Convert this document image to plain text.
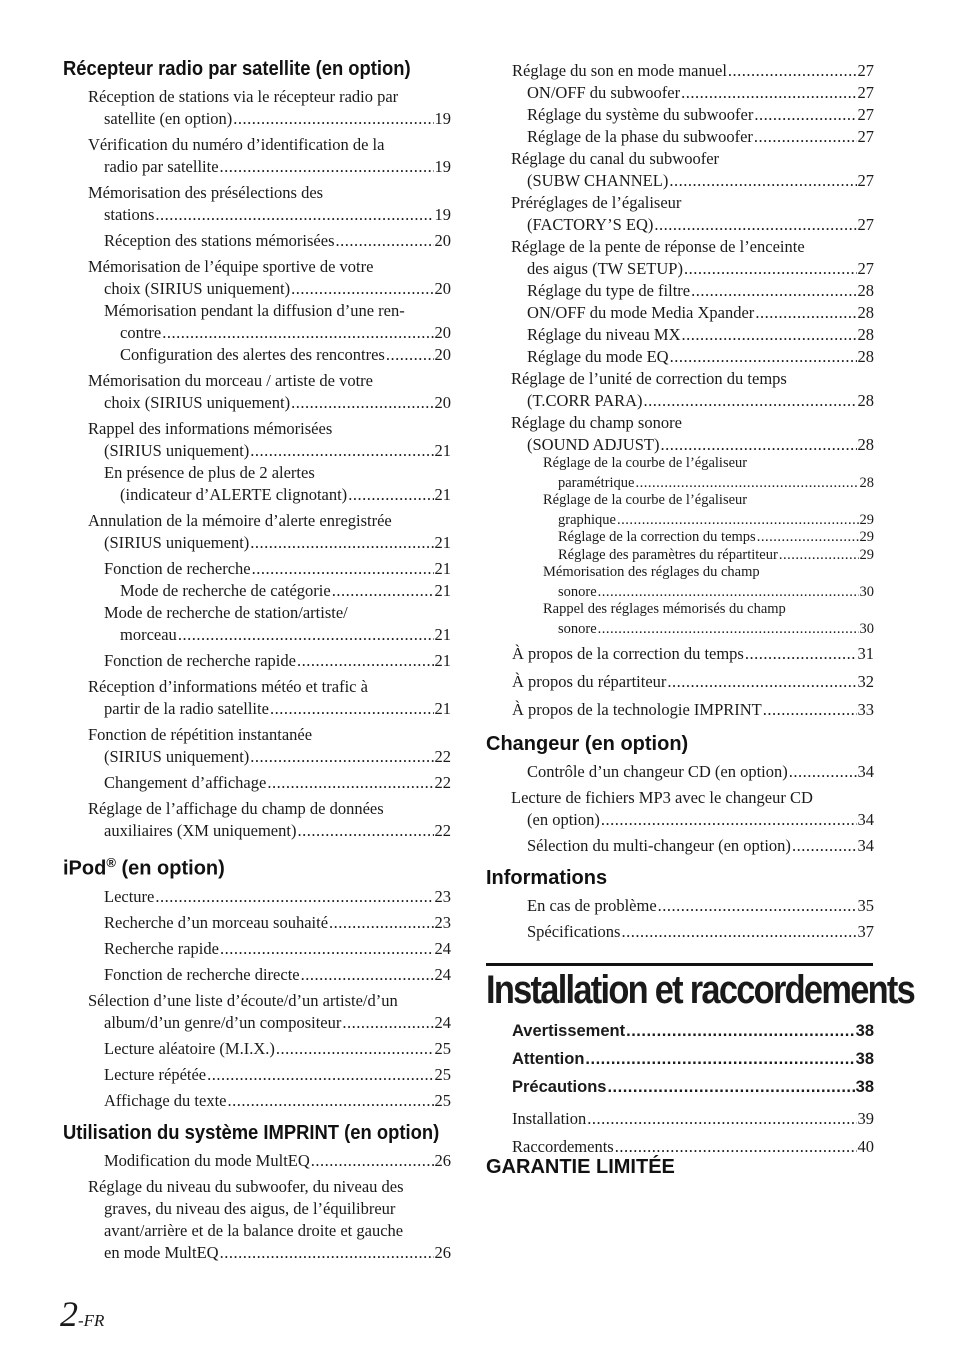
Récepteur radio par satellite (en option)
Réception de stations via le récepteur radio par
satellite (en option) .....	19
Vérification du numéro d’identification de la
radio par satellite .....	19
Mémorisation des présélections des
stations .....	19
Réception des stations mémorisées .....	20
Mémorisation de l’équipe sportive de votre
choix (SIRIUS uniquement) .....	20
Mémorisation pendant la diffusion d’une ren-
contre .....	20
Configuration des alertes des rencontres .....	20
Mémorisation du morceau / artiste de votre
choix (SIRIUS uniquement) .....	20
Rappel des informations mémorisées
(SIRIUS uniquement) .....	21
En présence de plus de 2 alertes
(indicateur d’ALERTE clignotant) .....	21
Annulation de la mémoire d’alerte enregistrée
(SIRIUS uniquement) .....	21
Fonction de recherche .....	21
Mode de recherche de catégorie .....	21
Mode de recherche de station/artiste/
morceau .....	21
Fonction de recherche rapide .....	21
Réception d’informations météo et trafic à
partir de la radio satellite .....	21
Fonction de répétition instantanée
(SIRIUS uniquement) .....	22
Changement d’affichage .....	22
Réglage de l’affichage du champ de données
auxiliaires (XM uniquement) .....	22
iPod® (en option)
Lecture .....	23
Recherche d’un morceau souhaité .....	23
Recherche rapide .....	24
Fonction de recherche directe .....	24
Sélection d’une liste d’écoute/d’un artiste/d’un
album/d’un genre/d’un compositeur .....	24
Lecture aléatoire (M.I.X.) .....	25
Lecture répétée .....	25
Affichage du texte .....	25
Utilisation du système IMPRINT (en option)
Modification du mode MultEQ .....	26
Réglage du niveau du subwoofer, du niveau des
graves, du niveau des aigus, de l’équilibreur
avant/arrière et de la balance droite et gauche
en mode MultEQ .....	26
Réglage du son en mode manuel .....	27
ON/OFF du subwoofer .....	27
Réglage du système du subwoofer .....	27
Réglage de la phase du subwoofer .....	27
Réglage du canal du subwoofer
(SUBW CHANNEL) .....	27
Préréglages de l’égaliseur
(FACTORY’S EQ) .....	27
Réglage de la pente de réponse de l’enceinte
des aigus (TW SETUP) .....	27
Réglage du type de filtre .....	28
ON/OFF du mode Media Xpander .....	28
Réglage du niveau MX .....	28
Réglage du mode EQ .....	28
Réglage de l’unité de correction du temps
(T.CORR PARA) .....	28
Réglage du champ sonore
(SOUND ADJUST) .....	28
Réglage de la courbe de l’égaliseur
paramétrique .....	28
Réglage de la courbe de l’égaliseur
graphique .....	29
Réglage de la correction du temps .....	29
Réglage des paramètres du répartiteur .....	29
Mémorisation des réglages du champ
sonore .....	30
Rappel des réglages mémorisés du champ
sonore .....	30
À propos de la correction du temps .....	31
À propos du répartiteur .....	32
À propos de la technologie IMPRINT .....	33
Changeur (en option)
Contrôle d’un changeur CD (en option) .....	34
Lecture de fichiers MP3 avec le changeur CD
(en option) .....	34
Sélection du multi-changeur (en option) .....	34
Informations
En cas de problème .....	35
Spécifications .....	37
Installation et raccordements
Avertissement .....	38
Attention .....	38
Précautions .....	38
Installation .....	39
Raccordements .....	40
GARANTIE LIMITÉE
2-FR
